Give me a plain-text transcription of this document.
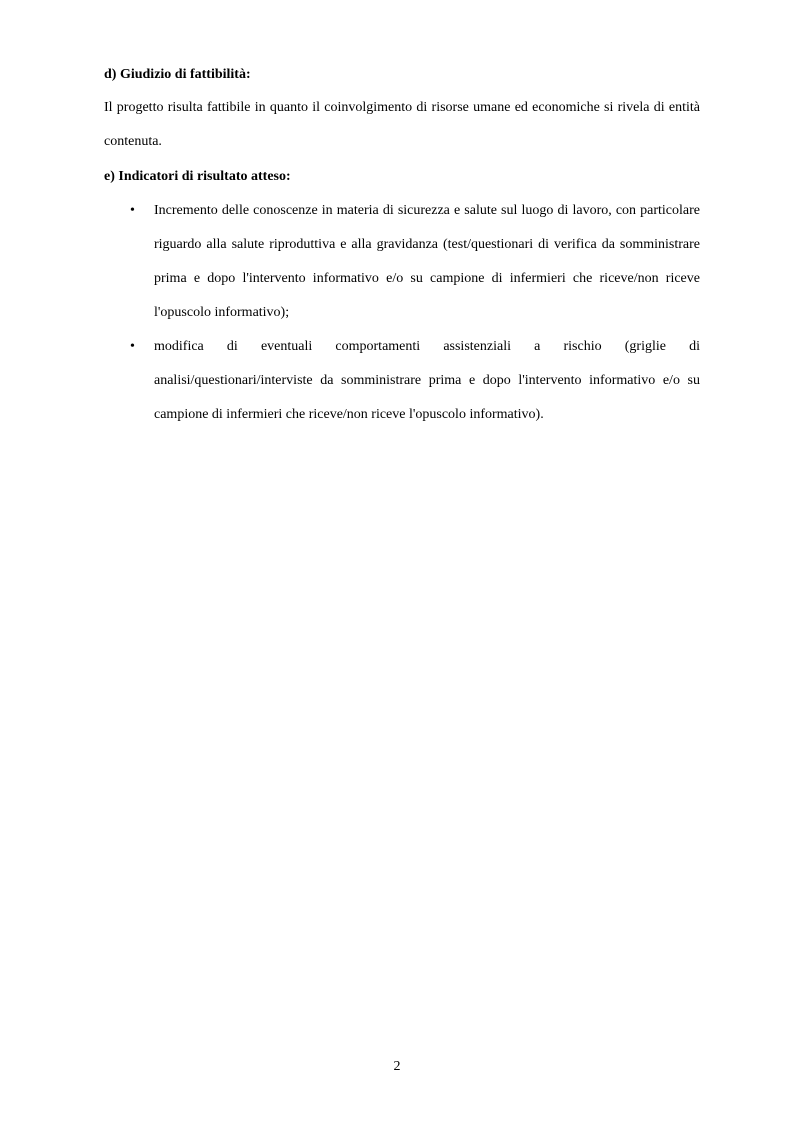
d) Giudizio di fattibilità:

Il progetto risulta fattibile in quanto il coinvolgimento di risorse umane ed economiche si rivela di entità contenuta.

e) Indicatori di risultato atteso:

•	Incremento delle conoscenze in materia di sicurezza e salute sul luogo di lavoro, con particolare riguardo alla salute riproduttiva e alla gravidanza (test/questionari di verifica da somministrare prima e dopo l'intervento informativo e/o su campione di infermieri che riceve/non riceve l'opuscolo informativo);
•	modifica di eventuali comportamenti assistenziali a rischio (griglie di analisi/questionari/interviste da somministrare prima e dopo l'intervento informativo e/o su campione di infermieri che riceve/non riceve l'opuscolo informativo).
2
